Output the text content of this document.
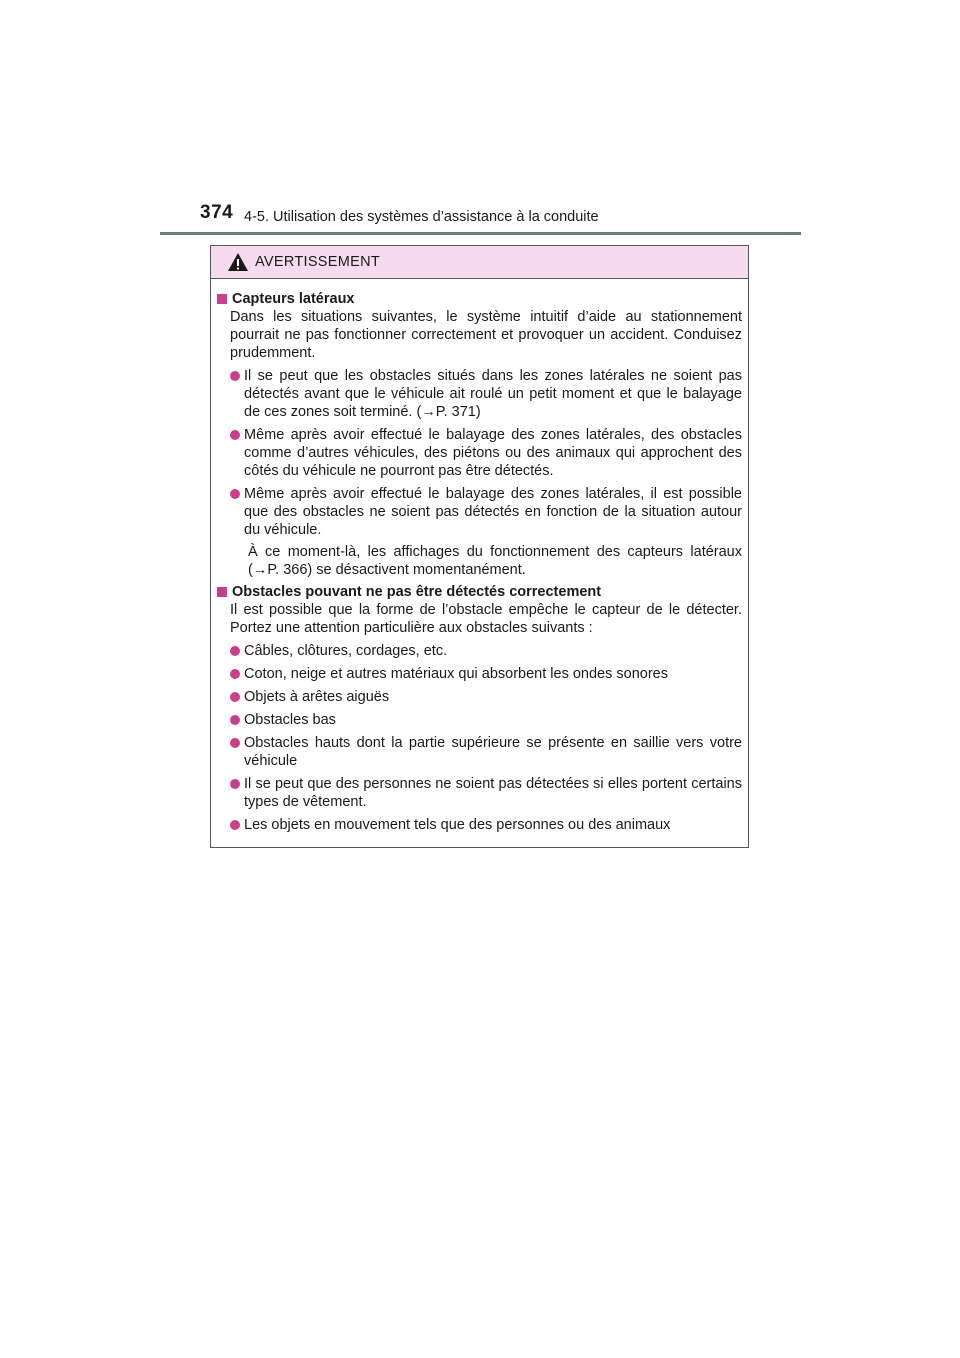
374 4-5. Utilisation des systèmes d’assistance à la conduite
AVERTISSEMENT
Capteurs latéraux
Dans les situations suivantes, le système intuitif d’aide au stationnement pourrait ne pas fonctionner correctement et provoquer un accident. Conduisez prudemment.
Il se peut que les obstacles situés dans les zones latérales ne soient pas détectés avant que le véhicule ait roulé un petit moment et que le balayage de ces zones soit terminé. (→P. 371)
Même après avoir effectué le balayage des zones latérales, des obstacles comme d’autres véhicules, des piétons ou des animaux qui approchent des côtés du véhicule ne pourront pas être détectés.
Même après avoir effectué le balayage des zones latérales, il est possible que des obstacles ne soient pas détectés en fonction de la situation autour du véhicule.
À ce moment-là, les affichages du fonctionnement des capteurs latéraux (→P. 366) se désactivent momentanément.
Obstacles pouvant ne pas être détectés correctement
Il est possible que la forme de l’obstacle empêche le capteur de le détecter. Portez une attention particulière aux obstacles suivants :
Câbles, clôtures, cordages, etc.
Coton, neige et autres matériaux qui absorbent les ondes sonores
Objets à arêtes aiguës
Obstacles bas
Obstacles hauts dont la partie supérieure se présente en saillie vers votre véhicule
Il se peut que des personnes ne soient pas détectées si elles portent certains types de vêtement.
Les objets en mouvement tels que des personnes ou des animaux
